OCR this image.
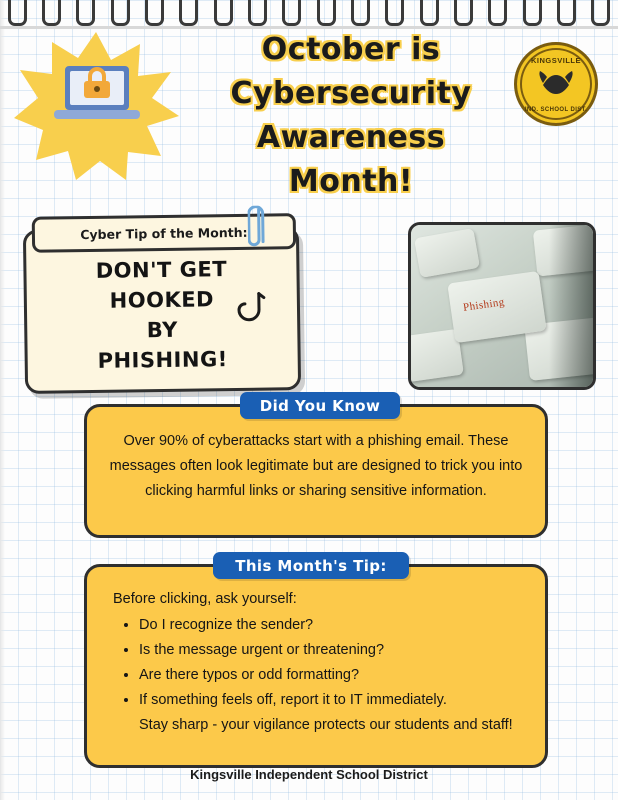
KINGSVILLE
IND. SCHOOL DIST.
October is
Cybersecurity
Awareness Month!
Cyber Tip of the Month:
DON'T GET
HOOKED
BY
PHISHING!
Phishing
Over 90% of cyberattacks start with a phishing email. These messages often look legitimate but are designed to trick you into clicking harmful links or sharing sensitive information.
Did You Know
Before clicking, ask yourself:
• Do I recognize the sender?
• Is the message urgent or threatening?
• Are there typos or odd formatting?
• If something feels off, report it to IT immediately.
Stay sharp - your vigilance protects our students and staff!
This Month's Tip:
Kingsville Independent School District
